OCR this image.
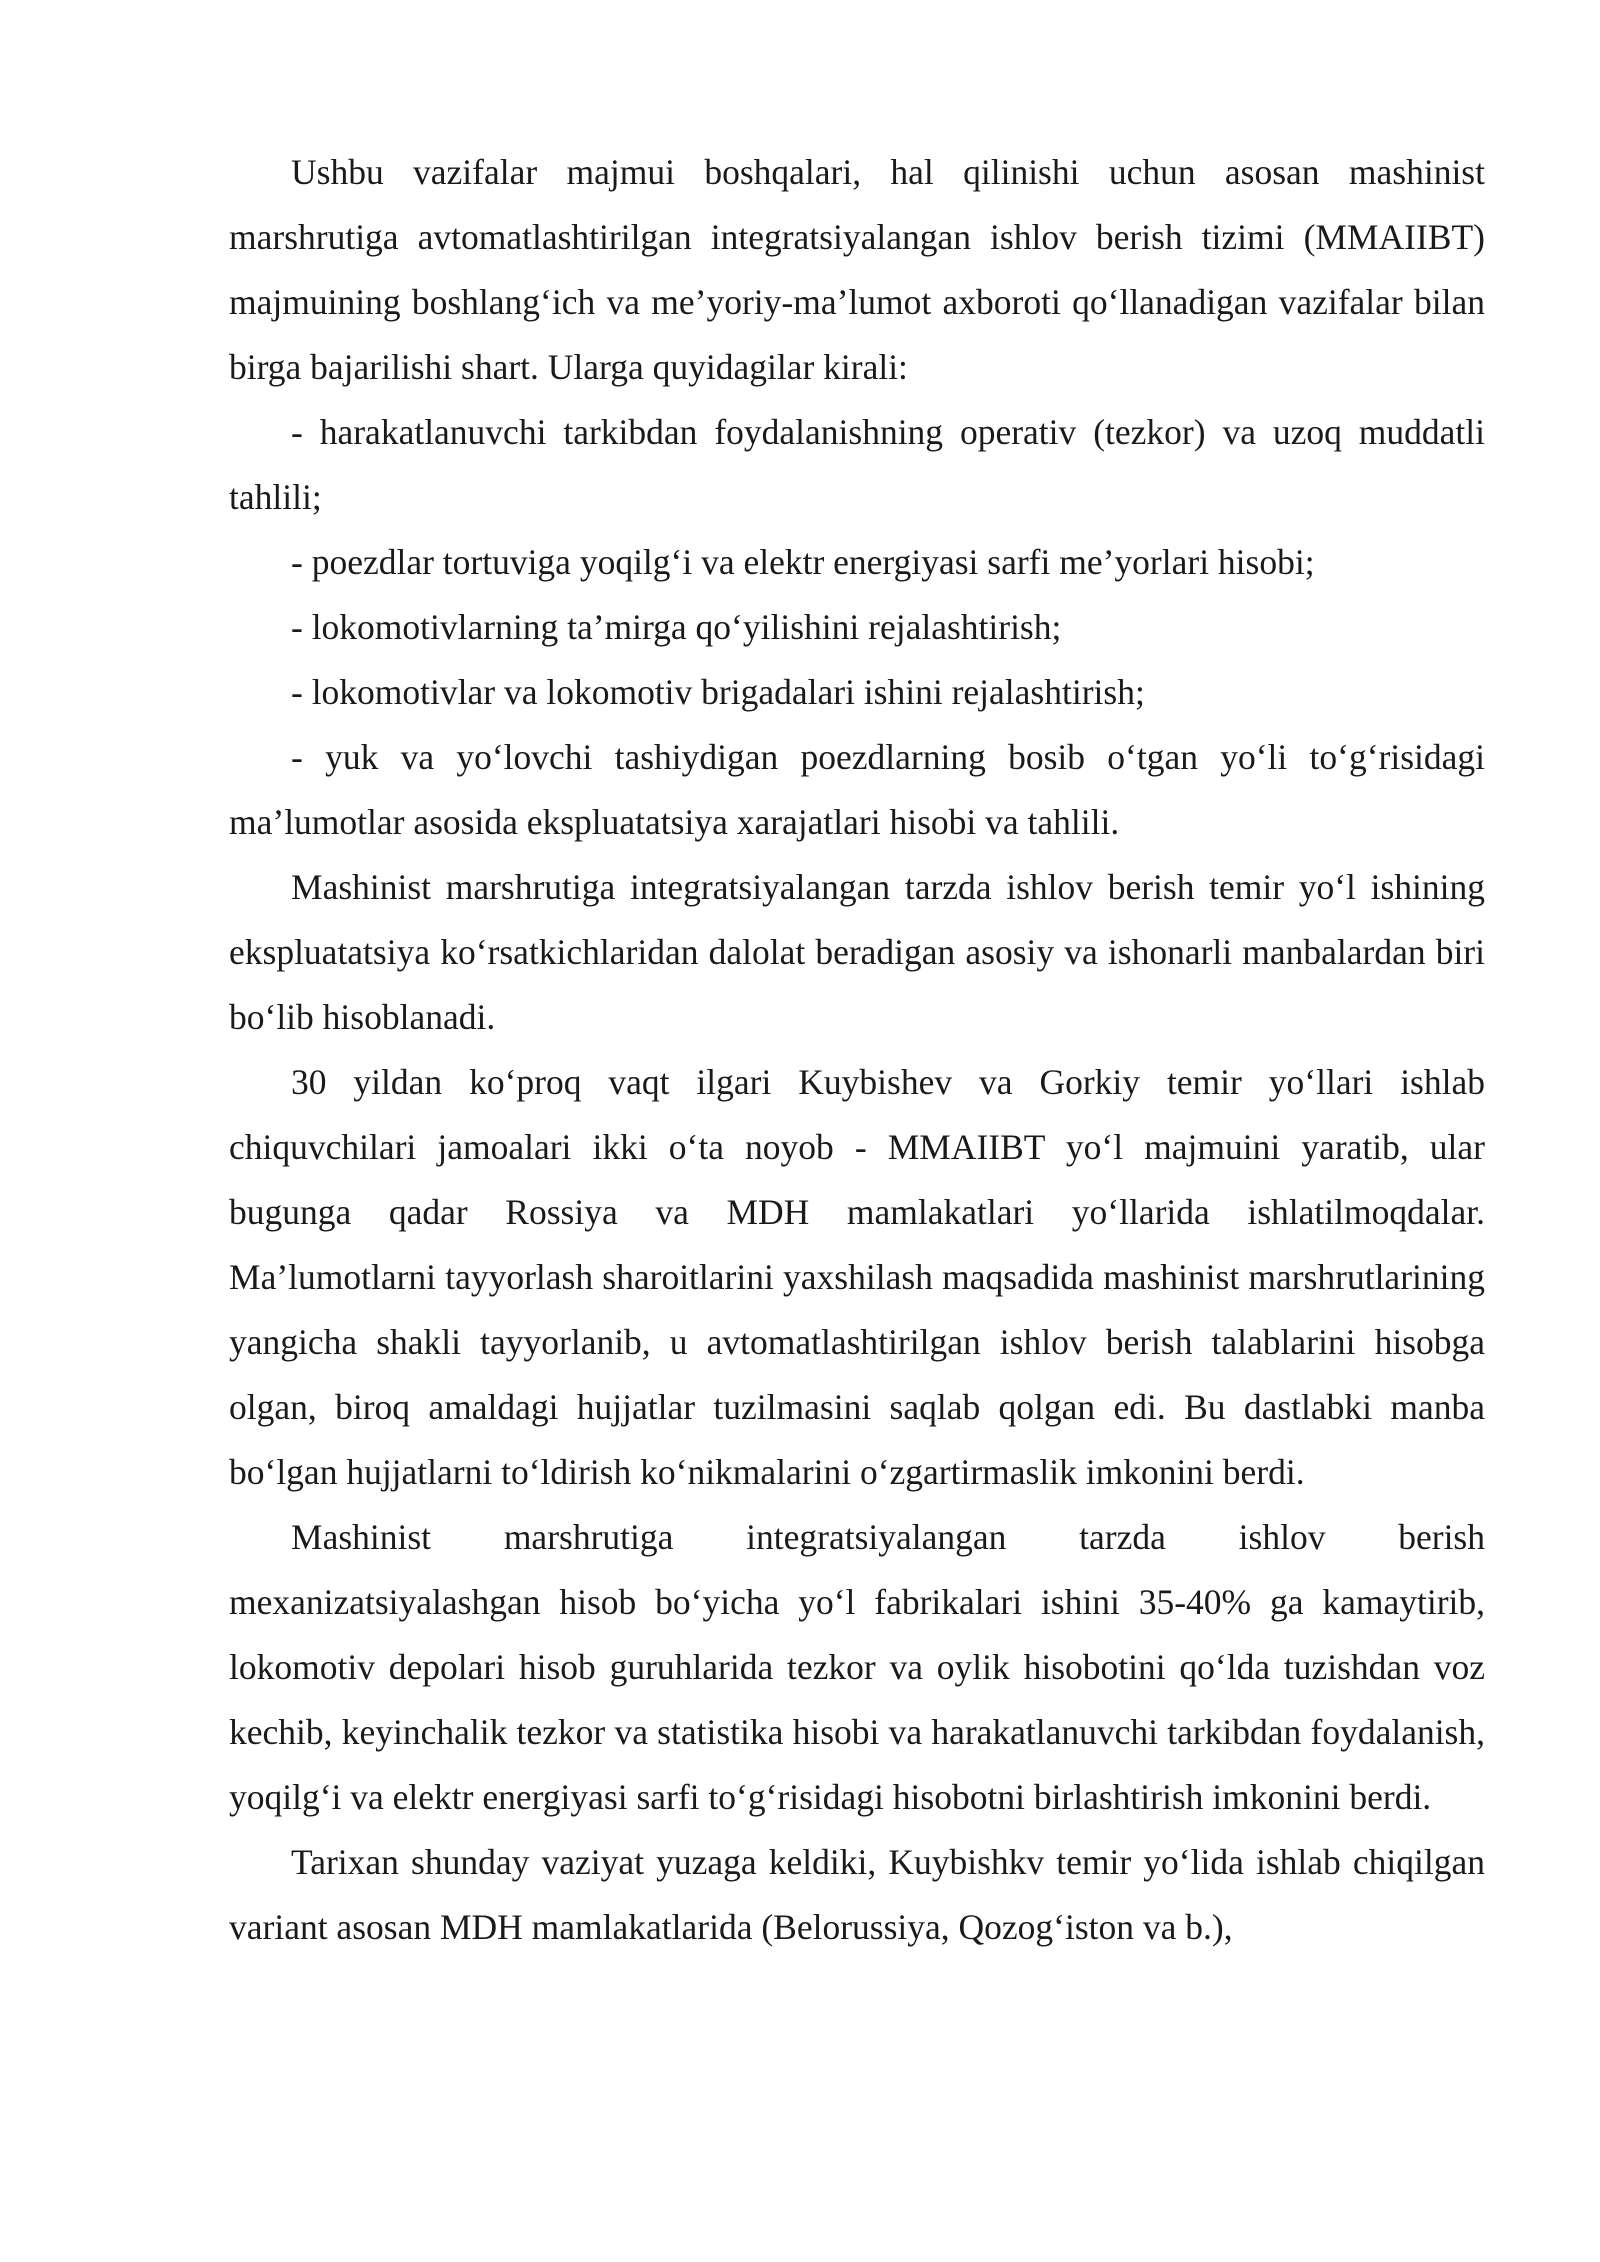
Ushbu vazifalar majmui boshqalari, hal qilinishi uchun asosan mashinist marshrutiga avtomatlashtirilgan integratsiyalangan ishlov berish tizimi (MMAIIBT) majmuining boshlang‘ich va me’yoriy-ma’lumot axboroti qo‘llanadigan vazifalar bilan birga bajarilishi shart. Ularga quyidagilar kirali:

- harakatlanuvchi tarkibdan foydalanishning operativ (tezkor) va uzoq muddatli tahlili;

- poezdlar tortuviga yoqilg‘i va elektr energiyasi sarfi me’yorlari hisobi;

- lokomotivlarning ta’mirga qo‘yilishini rejalashtirish;

- lokomotivlar va lokomotiv brigadalari ishini rejalashtirish;

- yuk va yo‘lovchi tashiydigan poezdlarning bosib o‘tgan yo‘li to‘g‘risidagi ma’lumotlar asosida ekspluatatsiya xarajatlari hisobi va tahlili.

Mashinist marshrutiga integratsiyalangan tarzda ishlov berish temir yo‘l ishining ekspluatatsiya ko‘rsatkichlaridan dalolat beradigan asosiy va ishonarli manbalardan biri bo‘lib hisoblanadi.

30 yildan ko‘proq vaqt ilgari Kuybishev va Gorkiy temir yo‘llari ishlab chiquvchilari jamoalari ikki o‘ta noyob - MMAIIBT yo‘l majmuini yaratib, ular bugunga qadar Rossiya va MDH mamlakatlari yo‘llarida ishlatilmoqdalar. Ma’lumotlarni tayyorlash sharoitlarini yaxshilash maqsadida mashinist marshrutlarining yangicha shakli tayyorlanib, u avtomatlashtirilgan ishlov berish talablarini hisobga olgan, biroq amaldagi hujjatlar tuzilmasini saqlab qolgan edi. Bu dastlabki manba bo‘lgan hujjatlarni to‘ldirish ko‘nikmalarini o‘zgartirmaslik imkonini berdi.

Mashinist marshrutiga integratsiyalangan tarzda ishlov berish mexanizatsiyalashgan hisob bo‘yicha yo‘l fabrikalari ishini 35-40% ga kamaytirib, lokomotiv depolari hisob guruhlarida tezkor va oylik hisobotini qo‘lda tuzishdan voz kechib, keyinchalik tezkor va statistika hisobi va harakatlanuvchi tarkibdan foydalanish, yoqilg‘i va elektr energiyasi sarfi to‘g‘risidagi hisobotni birlashtirish imkonini berdi.

Tarixan shunday vaziyat yuzaga keldiki, Kuybishkv temir yo‘lida ishlab chiqilgan variant asosan MDH mamlakatlarida (Belorussiya, Qozog‘iston va b.),
